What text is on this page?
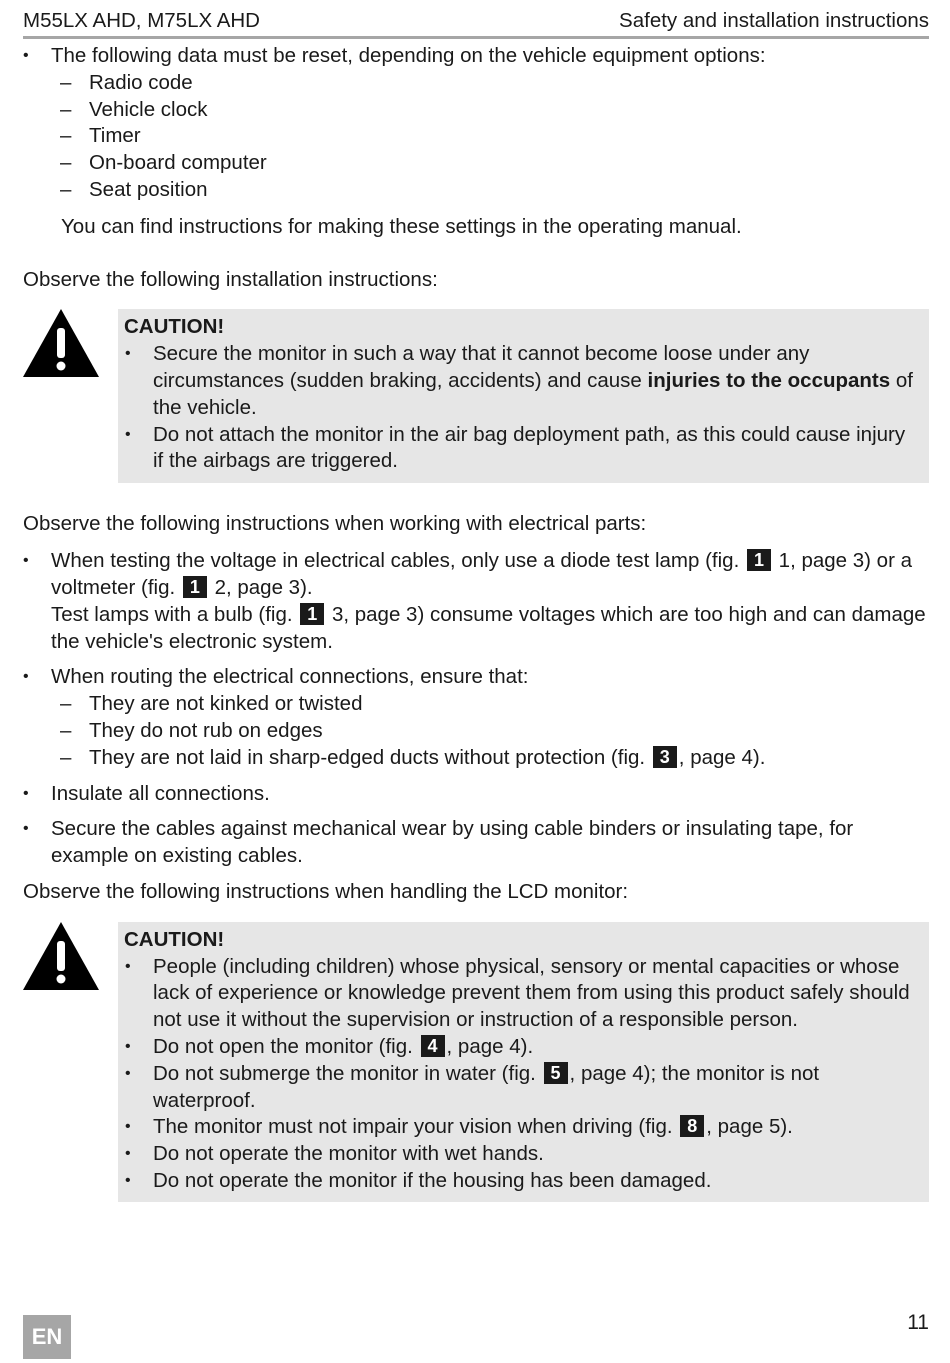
M55LX AHD, M75LX AHD	Safety and installation instructions
• The following data must be reset, depending on the vehicle equipment options:
– Radio code
– Vehicle clock
– Timer
– On-board computer
– Seat position
You can find instructions for making these settings in the operating manual.
Observe the following installation instructions:
CAUTION!
• Secure the monitor in such a way that it cannot become loose under any circumstances (sudden braking, accidents) and cause injuries to the occupants of the vehicle.
• Do not attach the monitor in the air bag deployment path, as this could cause injury if the airbags are triggered.
Observe the following instructions when working with electrical parts:
• When testing the voltage in electrical cables, only use a diode test lamp (fig. 1 1, page 3) or a voltmeter (fig. 1 2, page 3).
Test lamps with a bulb (fig. 1 3, page 3) consume voltages which are too high and can damage the vehicle's electronic system.
• When routing the electrical connections, ensure that:
– They are not kinked or twisted
– They do not rub on edges
– They are not laid in sharp-edged ducts without protection (fig. 3 , page 4).
• Insulate all connections.
• Secure the cables against mechanical wear by using cable binders or insulating tape, for example on existing cables.
Observe the following instructions when handling the LCD monitor:
CAUTION!
• People (including children) whose physical, sensory or mental capacities or whose lack of experience or knowledge prevent them from using this product safely should not use it without the supervision or instruction of a responsible person.
• Do not open the monitor (fig. 4 , page 4).
• Do not submerge the monitor in water (fig. 5 , page 4); the monitor is not waterproof.
• The monitor must not impair your vision when driving (fig. 8 , page 5).
• Do not operate the monitor with wet hands.
• Do not operate the monitor if the housing has been damaged.
EN
11
